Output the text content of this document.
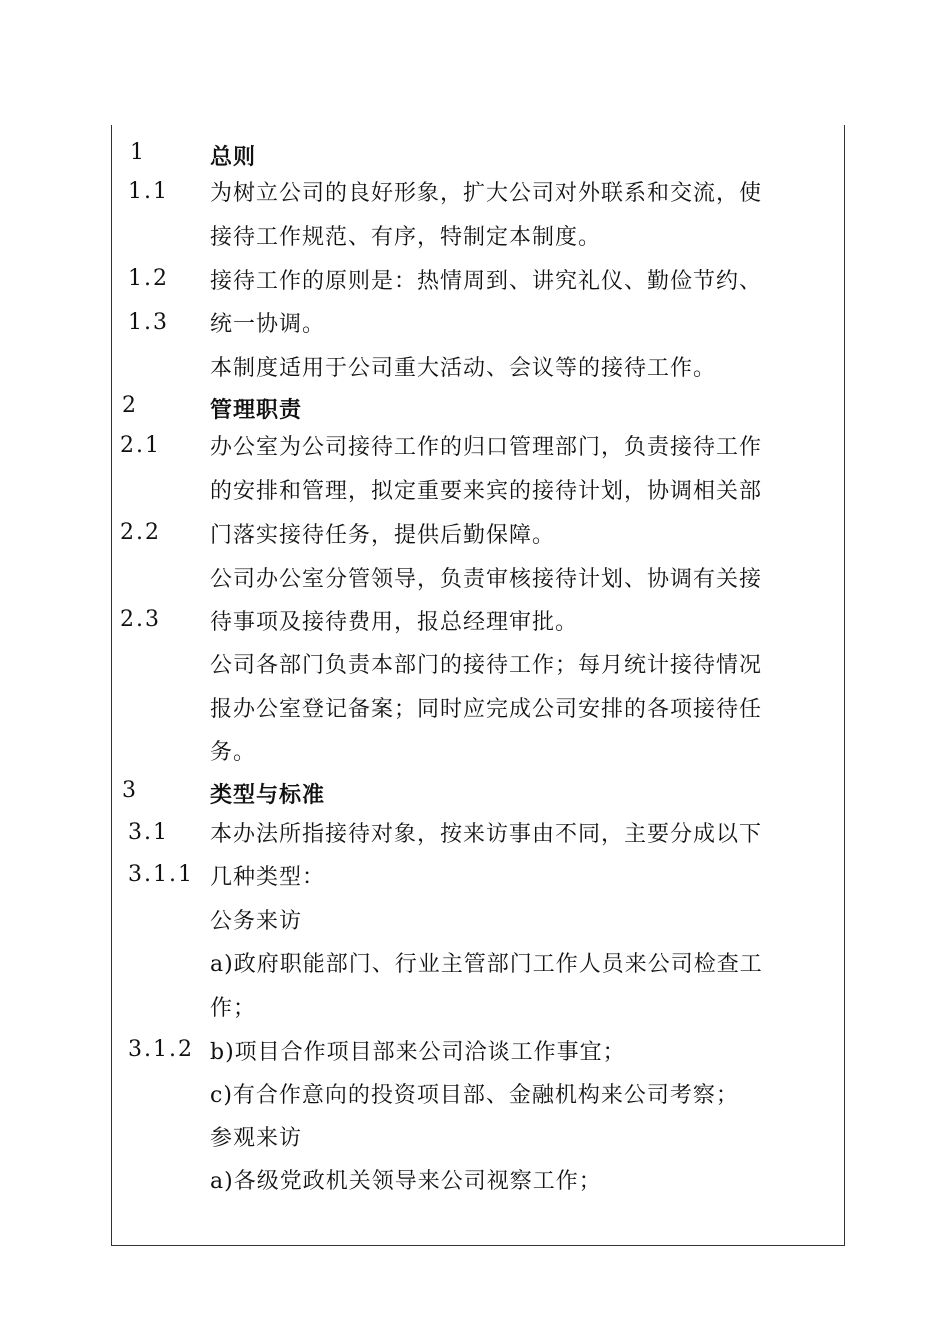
1
1.1
1.2
1.3
2
2.1
2.2
2.3
3
3.1
3.1.1
3.1.2
总则
为树立公司的良好形象，扩大公司对外联系和交流，使
接待工作规范、有序，特制定本制度。
接待工作的原则是：热情周到、讲究礼仪、勤俭节约、
统一协调。
本制度适用于公司重大活动、会议等的接待工作。
管理职责
办公室为公司接待工作的归口管理部门，负责接待工作
的安排和管理，拟定重要来宾的接待计划，协调相关部
门落实接待任务，提供后勤保障。
公司办公室分管领导，负责审核接待计划、协调有关接
待事项及接待费用，报总经理审批。
公司各部门负责本部门的接待工作；每月统计接待情况
报办公室登记备案；同时应完成公司安排的各项接待任
务。
类型与标准
本办法所指接待对象，按来访事由不同，主要分成以下
几种类型：
公务来访
a)政府职能部门、行业主管部门工作人员来公司检查工
作；
b)项目合作项目部来公司洽谈工作事宜；
c)有合作意向的投资项目部、金融机构来公司考察；
参观来访
a)各级党政机关领导来公司视察工作；
